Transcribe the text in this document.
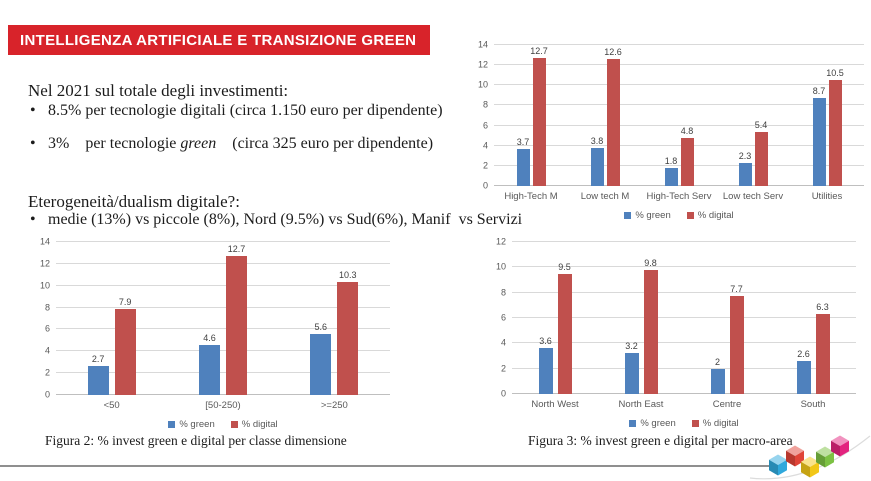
INTELLIGENZA ARTIFICIALE E TRANSIZIONE GREEN

Nel 2021 sul totale degli investimenti:

• 8.5% per tecnologie digitali (circa 1.150 euro per dipendente)
• 3%    per tecnologie green    (circa 325 euro per dipendente)

Eterogeneità/dualism digitale?:

• medie (13%) vs piccole (8%), Nord (9.5%) vs Sud(6%), Manif  vs Servizi
0
2
4
6
8
10
12
14
3.7
12.7
3.8
12.6
1.8
4.8
2.3
5.4
8.7
10.5
High-Tech M	Low tech M	High-Tech Serv	Low tech Serv	Utilities
% green	% digital
0
2
4
6
8
10
12
14
2.7
7.9
4.6
12.7
5.6
10.3
<50	[50-250)	>=250
% green	% digital
0
2
4
6
8
10
12
3.6
9.5
3.2
9.8
2
7.7
2.6
6.3
North West	North East	Centre	South
% green	% digital

Figura 2: % invest green e digital per classe dimensione	Figura 3: % invest green e digital per macro-area
